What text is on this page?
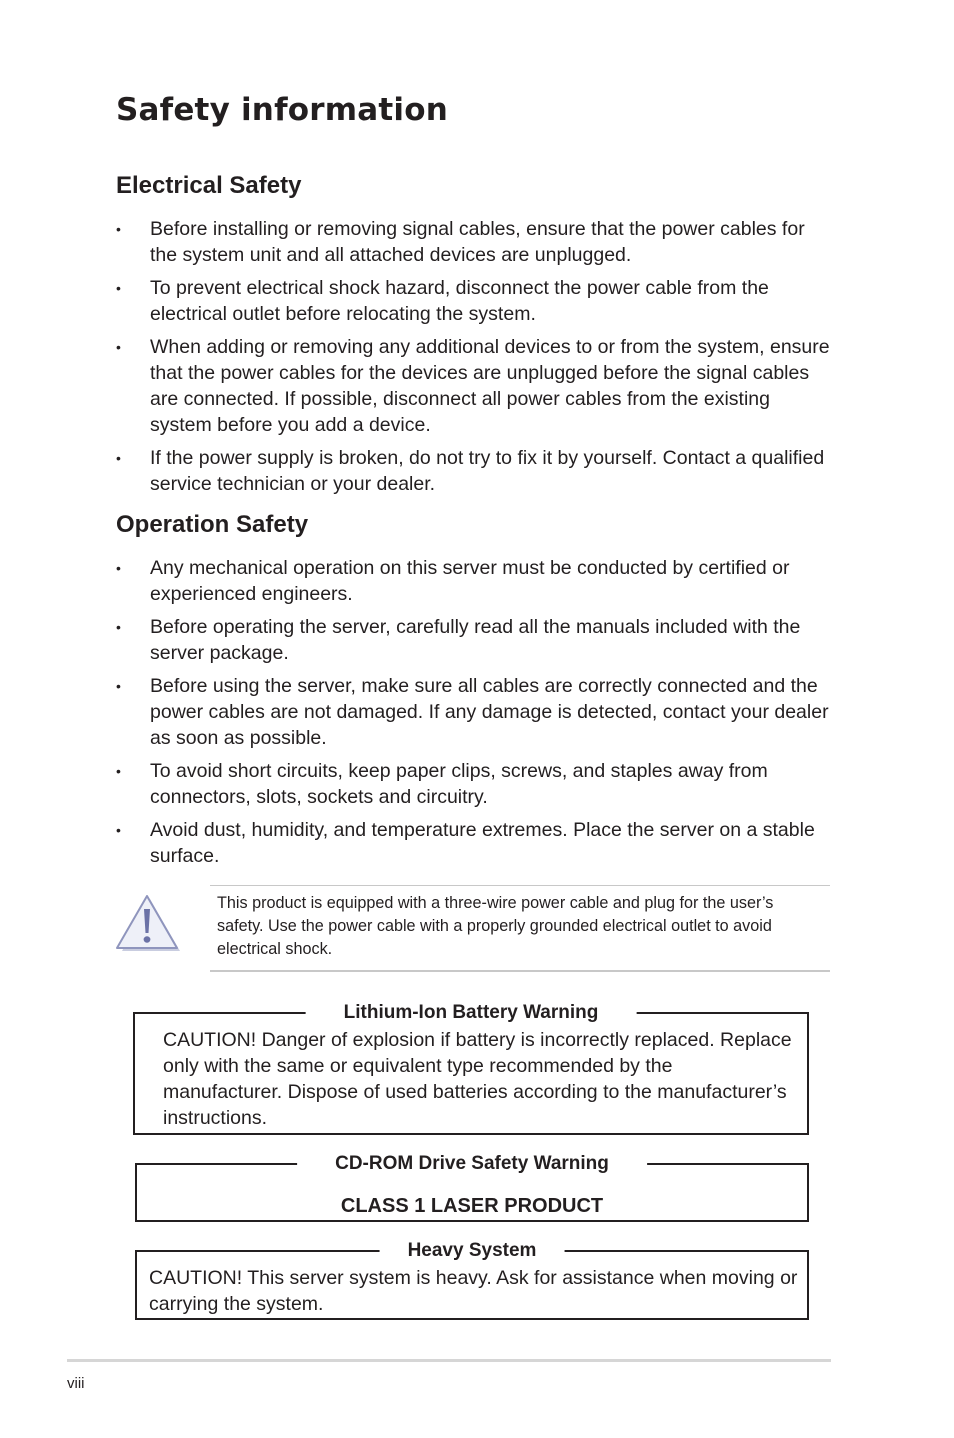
Safety information
Electrical Safety
• Before installing or removing signal cables, ensure that the power cables for the system unit and all attached devices are unplugged.
• To prevent electrical shock hazard, disconnect the power cable from the electrical outlet before relocating the system.
• When adding or removing any additional devices to or from the system, ensure that the power cables for the devices are unplugged before the signal cables are connected. If possible, disconnect all power cables from the existing system before you add a device.
• If the power supply is broken, do not try to fix it by yourself. Contact a qualified service technician or your dealer.
Operation Safety
• Any mechanical operation on this server must be conducted by certified or experienced engineers.
• Before operating the server, carefully read all the manuals included with the server package.
• Before using the server, make sure all cables are correctly connected and the power cables are not damaged. If any damage is detected, contact your dealer as soon as possible.
• To avoid short circuits, keep paper clips, screws, and staples away from connectors, slots, sockets and circuitry.
• Avoid dust, humidity, and temperature extremes. Place the server on a stable surface.
This product is equipped with a three-wire power cable and plug for the user’s safety. Use the power cable with a properly grounded electrical outlet to avoid electrical shock.
Lithium-Ion Battery Warning
CAUTION! Danger of explosion if battery is incorrectly replaced. Replace only with the same or equivalent type recommended by the manufacturer. Dispose of used batteries according to the manufacturer’s instructions.
CD-ROM Drive Safety Warning
CLASS 1 LASER PRODUCT
Heavy System
CAUTION! This server system is heavy. Ask for assistance when moving or carrying the system.
viii
